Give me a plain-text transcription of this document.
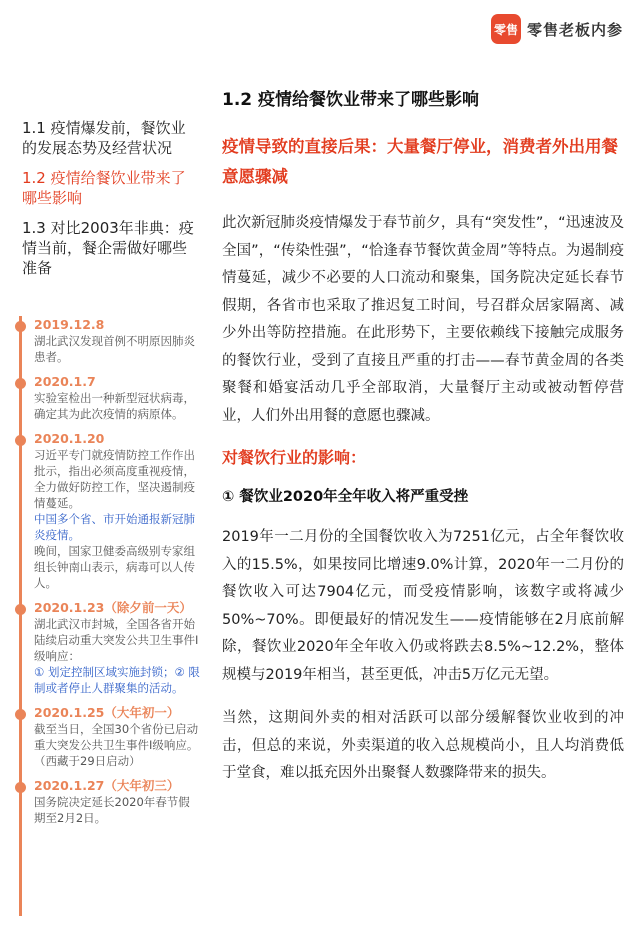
零售 零售老板内参
1.1 疫情爆发前，餐饮业的发展态势及经营状况
1.2 疫情给餐饮业带来了哪些影响
1.3 对比2003年非典：疫情当前，餐企需做好哪些准备
2019.12.8
湖北武汉发现首例不明原因肺炎患者。
2020.1.7
实验室检出一种新型冠状病毒，确定其为此次疫情的病原体。
2020.1.20
习近平专门就疫情防控工作作出批示，指出必须高度重视疫情，全力做好防控工作，坚决遏制疫情蔓延。
中国多个省、市开始通报新冠肺炎疫情。
晚间，国家卫健委高级别专家组组长钟南山表示，病毒可以人传人。
2020.1.23（除夕前一天）
湖北武汉市封城，全国各省开始陆续启动重大突发公共卫生事件I级响应：
① 划定控制区域实施封锁；② 限制或者停止人群聚集的活动。
2020.1.25（大年初一）
截至当日，全国30个省份已启动重大突发公共卫生事件I级响应。（西藏于29日启动）
2020.1.27（大年初三）
国务院决定延长2020年春节假期至2月2日。
1.2 疫情给餐饮业带来了哪些影响
疫情导致的直接后果：大量餐厅停业，消费者外出用餐意愿骤减
此次新冠肺炎疫情爆发于春节前夕，具有“突发性”，“迅速波及全国”，“传染性强”，“恰逢春节餐饮黄金周”等特点。为遏制疫情蔓延，减少不必要的人口流动和聚集，国务院决定延长春节假期，各省市也采取了推迟复工时间，号召群众居家隔离、减少外出等防控措施。在此形势下，主要依赖线下接触完成服务的餐饮行业，受到了直接且严重的打击——春节黄金周的各类聚餐和婚宴活动几乎全部取消，大量餐厅主动或被动暂停营业，人们外出用餐的意愿也骤减。
对餐饮行业的影响：
① 餐饮业2020年全年收入将严重受挫
2019年一二月份的全国餐饮收入为7251亿元，占全年餐饮收入的15.5%，如果按同比增速9.0%计算，2020年一二月份的餐饮收入可达7904亿元，而受疫情影响，该数字或将减少50%~70%。即便最好的情况发生——疫情能够在2月底前解除，餐饮业2020年全年收入仍或将跌去8.5%~12.2%，整体规模与2019年相当，甚至更低，冲击5万亿元无望。
当然，这期间外卖的相对活跃可以部分缓解餐饮业收到的冲击，但总的来说，外卖渠道的收入总规模尚小，且人均消费低于堂食，难以抵充因外出聚餐人数骤降带来的损失。
